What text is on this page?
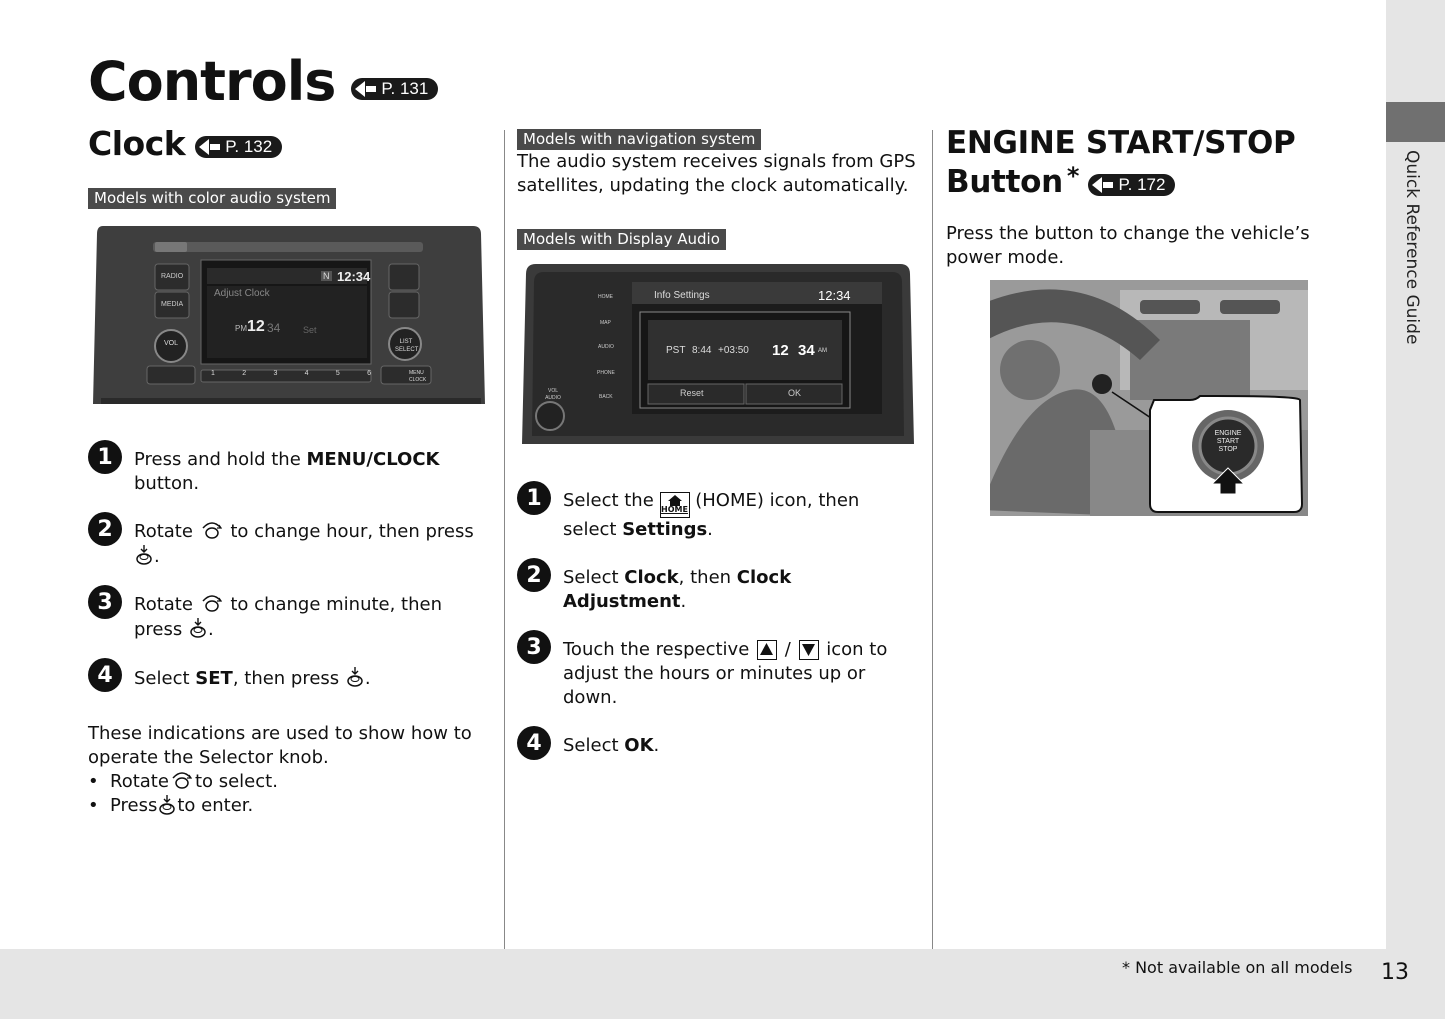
Quick Reference Guide
* Not available on all models 13
Controls	P. 131
Clock P. 132
Models with color audio system
RADIO
MEDIA
N 12:34
Adjust Clock
PM 12 34	Set
VOL	LIST SELECT
1	2	3	4	5	6	MENU CLOCK
1	Press and hold the MENU/CLOCK button.
2	Rotate  to change hour, then press .
3	Rotate  to change minute, then press .
4	Select SET, then press .
These indications are used to show how to operate the Selector knob.
• Rotate to select.
• Press to enter.
Models with navigation system
The audio system receives signals from GPS satellites, updating the clock automatically.
Models with Display Audio
HOME
MAP
AUDIO
PHONE
BACK
Info Settings	12:34
PST 8:44 +03:50 12 34 AM
Reset	OK
VOL AUDIO
1	Select the HOME (HOME) icon, then select Settings.
2	Select Clock, then Clock Adjustment.
3	Touch the respective  /  icon to adjust the hours or minutes up or down.
4	Select OK.
ENGINE START/STOP
Button * P. 172
Press the button to change the vehicle’s power mode.
ENGINE
START
STOP
